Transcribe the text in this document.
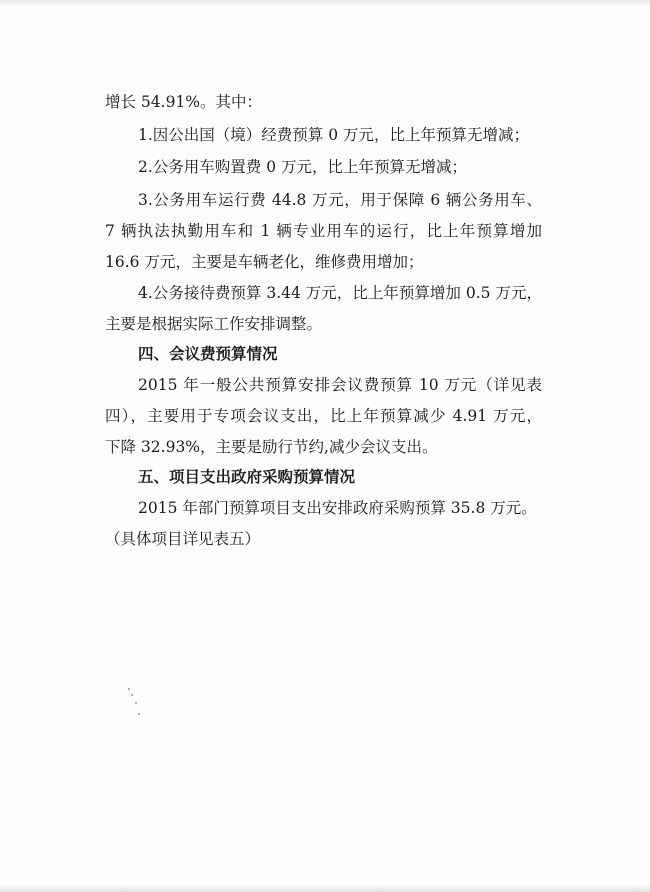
增长 54.91%。其中：
1.因公出国（境）经费预算 0 万元，比上年预算无增减；
2.公务用车购置费 0 万元，比上年预算无增减；
3.公务用车运行费 44.8 万元，用于保障 6 辆公务用车、
7 辆执法执勤用车和 1 辆专业用车的运行，比上年预算增加
16.6 万元，主要是车辆老化，维修费用增加；
4.公务接待费预算 3.44 万元，比上年预算增加 0.5 万元，
主要是根据实际工作安排调整。
四、会议费预算情况
2015 年一般公共预算安排会议费预算 10 万元（详见表
四），主要用于专项会议支出，比上年预算减少 4.91 万元，
下降 32.93%，主要是励行节约,减少会议支出。
五、项目支出政府采购预算情况
2015 年部门预算项目支出安排政府采购预算 35.8 万元。
（具体项目详见表五）
